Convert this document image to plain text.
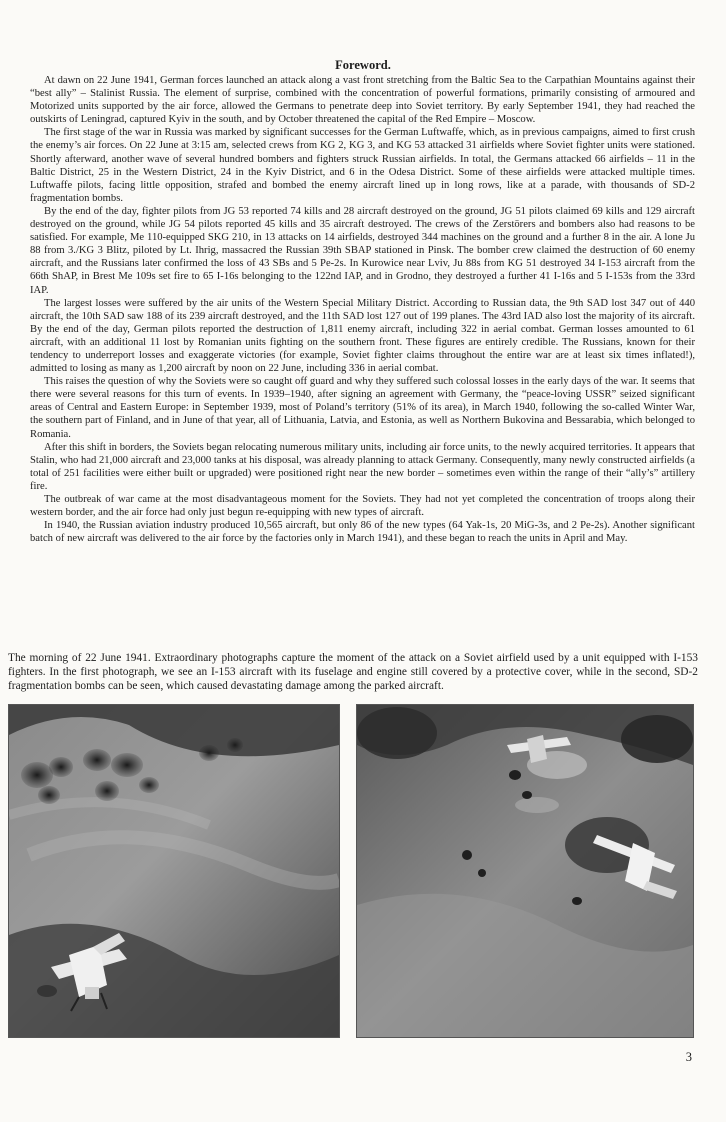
Foreword.

At dawn on 22 June 1941, German forces launched an attack along a vast front stretching from the Baltic Sea to the Carpathian Mountains against their “best ally” – Stalinist Russia. The element of surprise, combined with the concentration of powerful formations, primarily consisting of armoured and Motorized units supported by the air force, allowed the Germans to penetrate deep into Soviet territory. By early September 1941, they had reached the outskirts of Leningrad, captured Kyiv in the south, and by October threatened the capital of the Red Empire – Moscow.

The first stage of the war in Russia was marked by significant successes for the German Luftwaffe, which, as in previous campaigns, aimed to first crush the enemy’s air forces. On 22 June at 3:15 am, selected crews from KG 2, KG 3, and KG 53 attacked 31 airfields where Soviet fighter units were stationed. Shortly afterward, another wave of several hundred bombers and fighters struck Russian airfields. In total, the Germans attacked 66 airfields – 11 in the Baltic District, 25 in the Western District, 24 in the Kyiv District, and 6 in the Odesa District. Some of these airfields were attacked multiple times. Luftwaffe pilots, facing little opposition, strafed and bombed the enemy aircraft lined up in long rows, like at a parade, with thousands of SD-2 fragmentation bombs.

By the end of the day, fighter pilots from JG 53 reported 74 kills and 28 aircraft destroyed on the ground, JG 51 pilots claimed 69 kills and 129 aircraft destroyed on the ground, while JG 54 pilots reported 45 kills and 35 aircraft destroyed. The crews of the Zerstörers and bombers also had reasons to be satisfied. For example, Me 110-equipped SKG 210, in 13 attacks on 14 airfields, destroyed 344 machines on the ground and a further 8 in the air. A lone Ju 88 from 3./KG 3 Blitz, piloted by Lt. Ihrig, massacred the Russian 39th SBAP stationed in Pinsk. The bomber crew claimed the destruction of 60 enemy aircraft, and the Russians later confirmed the loss of 43 SBs and 5 Pe-2s. In Kurowice near Lviv, Ju 88s from KG 51 destroyed 34 I-153 aircraft from the 66th ShAP, in Brest Me 109s set fire to 65 I-16s belonging to the 122nd IAP, and in Grodno, they destroyed a further 41 I-16s and 5 I-153s from the 33rd IAP.

The largest losses were suffered by the air units of the Western Special Military District. According to Russian data, the 9th SAD lost 347 out of 440 aircraft, the 10th SAD saw 188 of its 239 aircraft destroyed, and the 11th SAD lost 127 out of 199 planes. The 43rd IAD also lost the majority of its aircraft. By the end of the day, German pilots reported the destruction of 1,811 enemy aircraft, including 322 in aerial combat. German losses amounted to 61 aircraft, with an additional 11 lost by Romanian units fighting on the southern front. These figures are entirely credible. The Russians, known for their tendency to underreport losses and exaggerate victories (for example, Soviet fighter claims throughout the entire war are at least six times inflated!), admitted to losing as many as 1,200 aircraft by noon on 22 June, including 336 in aerial combat.

This raises the question of why the Soviets were so caught off guard and why they suffered such colossal losses in the early days of the war. It seems that there were several reasons for this turn of events. In 1939–1940, after signing an agreement with Germany, the “peace-loving USSR” seized significant areas of Central and Eastern Europe: in September 1939, most of Poland’s territory (51% of its area), in March 1940, following the so-called Winter War, the southern part of Finland, and in June of that year, all of Lithuania, Latvia, and Estonia, as well as Northern Bukovina and Bessarabia, which belonged to Romania.

After this shift in borders, the Soviets began relocating numerous military units, including air force units, to the newly acquired territories. It appears that Stalin, who had 21,000 aircraft and 23,000 tanks at his disposal, was already planning to attack Germany. Consequently, many newly constructed airfields (a total of 251 facilities were either built or upgraded) were positioned right near the new border – sometimes even within the range of their “ally’s” artillery fire.

The outbreak of war came at the most disadvantageous moment for the Soviets. They had not yet completed the concentration of troops along their western border, and the air force had only just begun re-equipping with new types of aircraft.

In 1940, the Russian aviation industry produced 10,565 aircraft, but only 86 of the new types (64 Yak-1s, 20 MiG-3s, and 2 Pe-2s). Another significant batch of new aircraft was delivered to the air force by the factories only in March 1941), and these began to reach the units in April and May.

The morning of 22 June 1941. Extraordinary photographs capture the moment of the attack on a Soviet airfield used by a unit equipped with I-153 fighters. In the first photograph, we see an I-153 aircraft with its fuselage and engine still covered by a protective cover, while in the second, SD-2 fragmentation bombs can be seen, which caused devastating damage among the parked aircraft.
3
